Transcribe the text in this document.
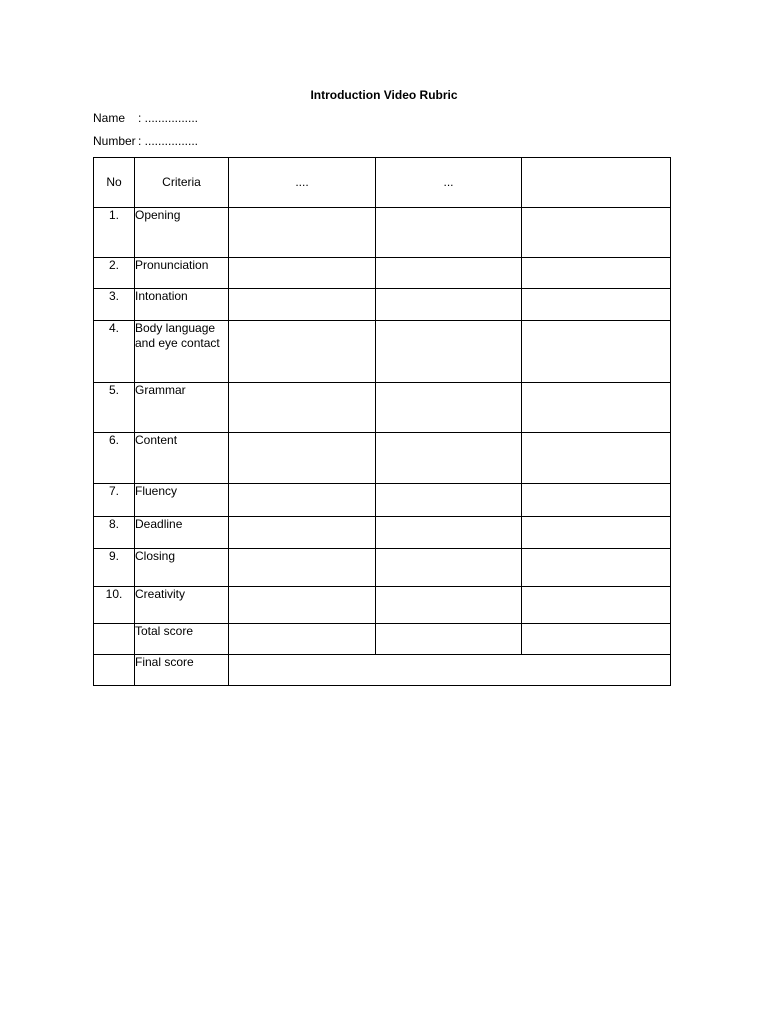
Introduction Video Rubric
Name : ................
Number : ................
No	Criteria	....	...	
1.	Opening			
2.	Pronunciation			
3.	Intonation			
4.	Body language and eye contact			
5.	Grammar			
6.	Content			
7.	Fluency			
8.	Deadline			
9.	Closing			
10.	Creativity			
	Total score			
	Final score			
